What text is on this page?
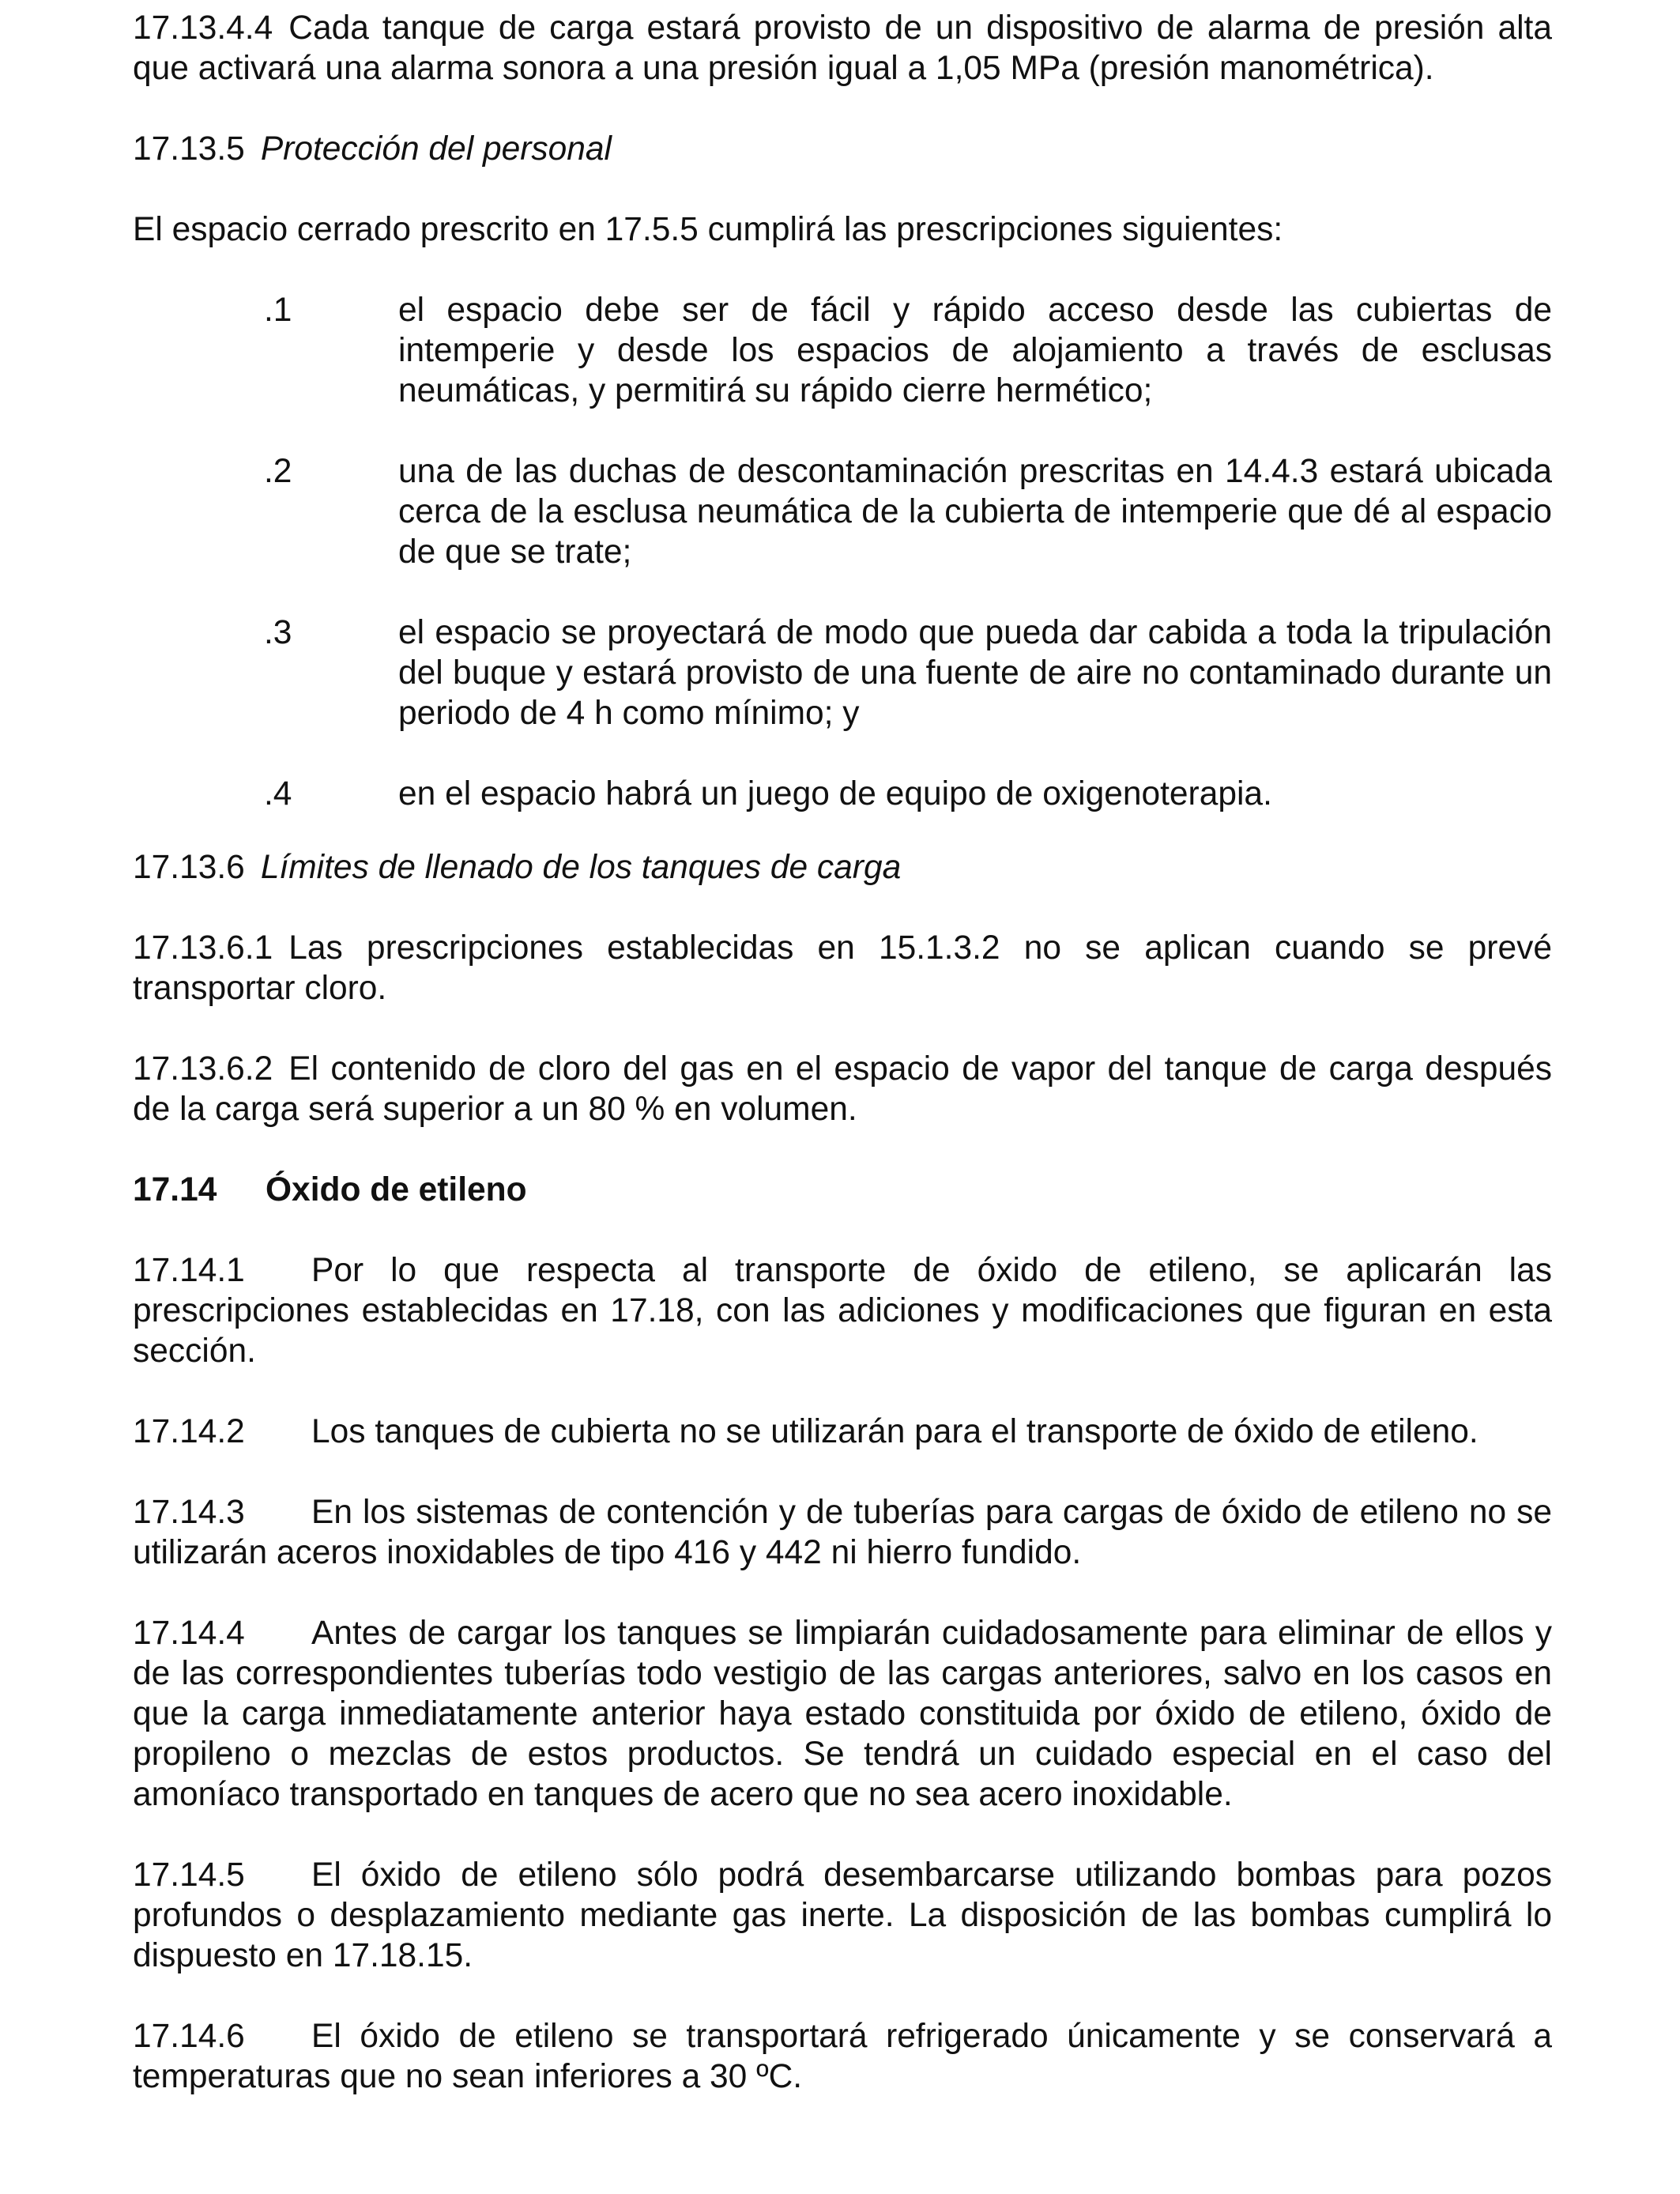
17.13.4.4 Cada tanque de carga estará provisto de un dispositivo de alarma de presión alta que activará una alarma sonora a una presión igual a 1,05 MPa (presión manométrica).

17.13.5 Protección del personal

El espacio cerrado prescrito en 17.5.5 cumplirá las prescripciones siguientes:

.1	el espacio debe ser de fácil y rápido acceso desde las cubiertas de intemperie y desde los espacios de alojamiento a través de esclusas neumáticas, y permitirá su rápido cierre hermético;
.2	una de las duchas de descontaminación prescritas en 14.4.3 estará ubicada cerca de la esclusa neumática de la cubierta de intemperie que dé al espacio de que se trate;
.3	el espacio se proyectará de modo que pueda dar cabida a toda la tripulación del buque y estará provisto de una fuente de aire no contaminado durante un periodo de 4 h como mínimo; y
.4	en el espacio habrá un juego de equipo de oxigenoterapia.

17.13.6 Límites de llenado de los tanques de carga

17.13.6.1 Las prescripciones establecidas en 15.1.3.2 no se aplican cuando se prevé transportar cloro.

17.13.6.2 El contenido de cloro del gas en el espacio de vapor del tanque de carga después de la carga será superior a un 80 % en volumen.

17.14 Óxido de etileno

17.14.1 Por lo que respecta al transporte de óxido de etileno, se aplicarán las prescripciones establecidas en 17.18, con las adiciones y modificaciones que figuran en esta sección.

17.14.2 Los tanques de cubierta no se utilizarán para el transporte de óxido de etileno.

17.14.3 En los sistemas de contención y de tuberías para cargas de óxido de etileno no se utilizarán aceros inoxidables de tipo 416 y 442 ni hierro fundido.

17.14.4 Antes de cargar los tanques se limpiarán cuidadosamente para eliminar de ellos y de las correspondientes tuberías todo vestigio de las cargas anteriores, salvo en los casos en que la carga inmediatamente anterior haya estado constituida por óxido de etileno, óxido de propileno o mezclas de estos productos. Se tendrá un cuidado especial en el caso del amoníaco transportado en tanques de acero que no sea acero inoxidable.

17.14.5 El óxido de etileno sólo podrá desembarcarse utilizando bombas para pozos profundos o desplazamiento mediante gas inerte. La disposición de las bombas cumplirá lo dispuesto en 17.18.15.

17.14.6 El óxido de etileno se transportará refrigerado únicamente y se conservará a temperaturas que no sean inferiores a 30 ºC.
